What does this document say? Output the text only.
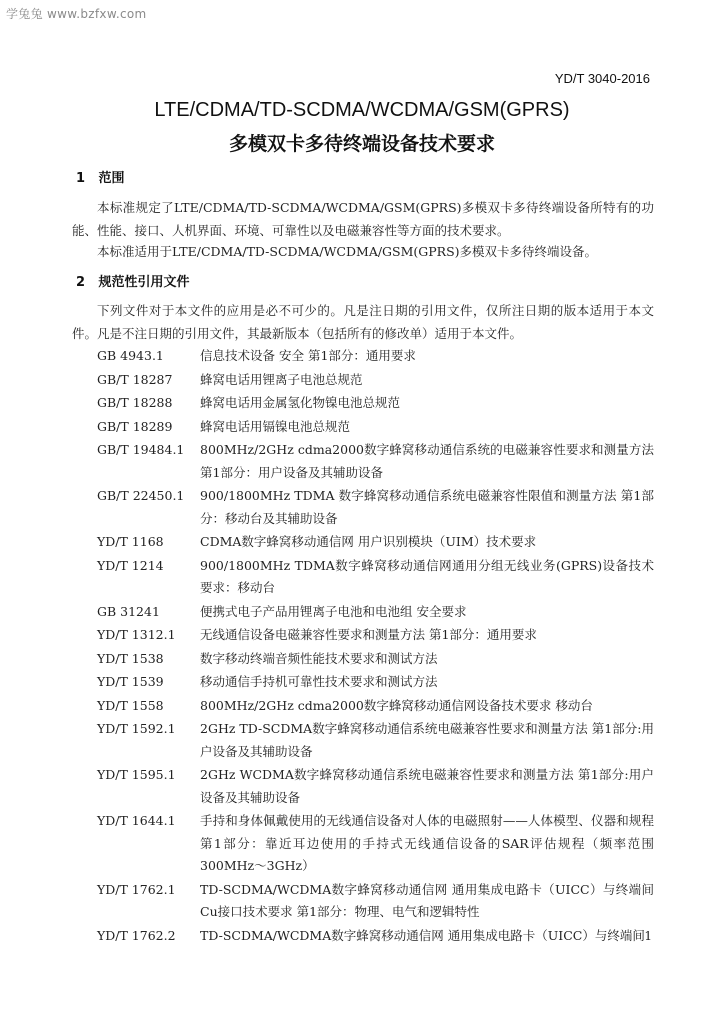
学兔兔 www.bzfxw.com
YD/T 3040-2016
LTE/CDMA/TD-SCDMA/WCDMA/GSM(GPRS)
多模双卡多待终端设备技术要求
1 范围
本标准规定了LTE/CDMA/TD-SCDMA/WCDMA/GSM(GPRS)多模双卡多待终端设备所特有的功能、性能、接口、人机界面、环境、可靠性以及电磁兼容性等方面的技术要求。
本标准适用于LTE/CDMA/TD-SCDMA/WCDMA/GSM(GPRS)多模双卡多待终端设备。
2 规范性引用文件
下列文件对于本文件的应用是必不可少的。凡是注日期的引用文件，仅所注日期的版本适用于本文件。凡是不注日期的引用文件，其最新版本（包括所有的修改单）适用于本文件。
GB 4943.1	信息技术设备 安全 第1部分：通用要求
GB/T 18287 蜂窝电话用锂离子电池总规范
GB/T 18288 蜂窝电话用金属氢化物镍电池总规范
GB/T 18289 蜂窝电话用镉镍电池总规范
GB/T 19484.1 800MHz/2GHz cdma2000数字蜂窝移动通信系统的电磁兼容性要求和测量方法 第1部分：用户设备及其辅助设备
GB/T 22450.1 900/1800MHz TDMA 数字蜂窝移动通信系统电磁兼容性限值和测量方法 第1部分：移动台及其辅助设备
YD/T 1168	CDMA数字蜂窝移动通信网 用户识别模块（UIM）技术要求
YD/T 1214	900/1800MHz TDMA数字蜂窝移动通信网通用分组无线业务(GPRS)设备技术要求：移动台
GB 31241	便携式电子产品用锂离子电池和电池组 安全要求
YD/T 1312.1 无线通信设备电磁兼容性要求和测量方法 第1部分：通用要求
YD/T 1538	数字移动终端音频性能技术要求和测试方法
YD/T 1539	移动通信手持机可靠性技术要求和测试方法
YD/T 1558	800MHz/2GHz cdma2000数字蜂窝移动通信网设备技术要求 移动台
YD/T 1592.1 2GHz TD-SCDMA数字蜂窝移动通信系统电磁兼容性要求和测量方法 第1部分:用户设备及其辅助设备
YD/T 1595.1 2GHz WCDMA数字蜂窝移动通信系统电磁兼容性要求和测量方法 第1部分:用户设备及其辅助设备
YD/T 1644.1 手持和身体佩戴使用的无线通信设备对人体的电磁照射——人体模型、仪器和规程 第1部分：靠近耳边使用的手持式无线通信设备的SAR评估规程（频率范围300MHz～3GHz）
YD/T 1762.1 TD-SCDMA/WCDMA数字蜂窝移动通信网 通用集成电路卡（UICC）与终端间Cu接口技术要求 第1部分：物理、电气和逻辑特性
YD/T 1762.2 TD-SCDMA/WCDMA数字蜂窝移动通信网 通用集成电路卡（UICC）与终端间 1
